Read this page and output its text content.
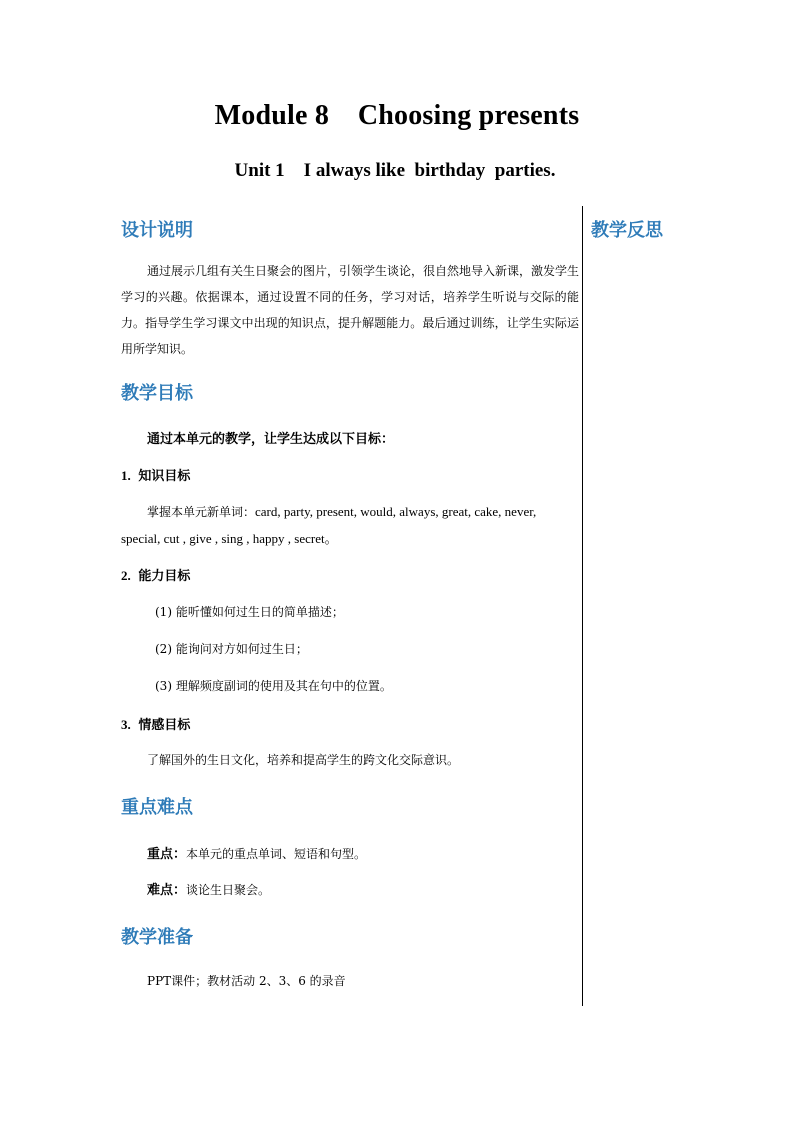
Module 8    Choosing presents
Unit 1    I always like  birthday  parties.
教学反思
设计说明
通过展示几组有关生日聚会的图片，引领学生谈论，很自然地导入新课，激发学生学习的兴趣。依据课本，通过设置不同的任务，学习对话，培养学生听说与交际的能力。指导学生学习课文中出现的知识点，提升解题能力。最后通过训练，让学生实际运用所学知识。
教学目标
通过本单元的教学，让学生达成以下目标：
1. 知识目标
掌握本单元新单词：card, party, present, would, always, great, cake, never,
special, cut , give , sing , happy , secret。
2. 能力目标
(1) 能听懂如何过生日的简单描述；
(2) 能询问对方如何过生日；
(3) 理解频度副词的使用及其在句中的位置。
3. 情感目标
了解国外的生日文化，培养和提高学生的跨文化交际意识。
重点难点
重点：本单元的重点单词、短语和句型。
难点：谈论生日聚会。
教学准备
PPT课件；教材活动 2、3、6 的录音
